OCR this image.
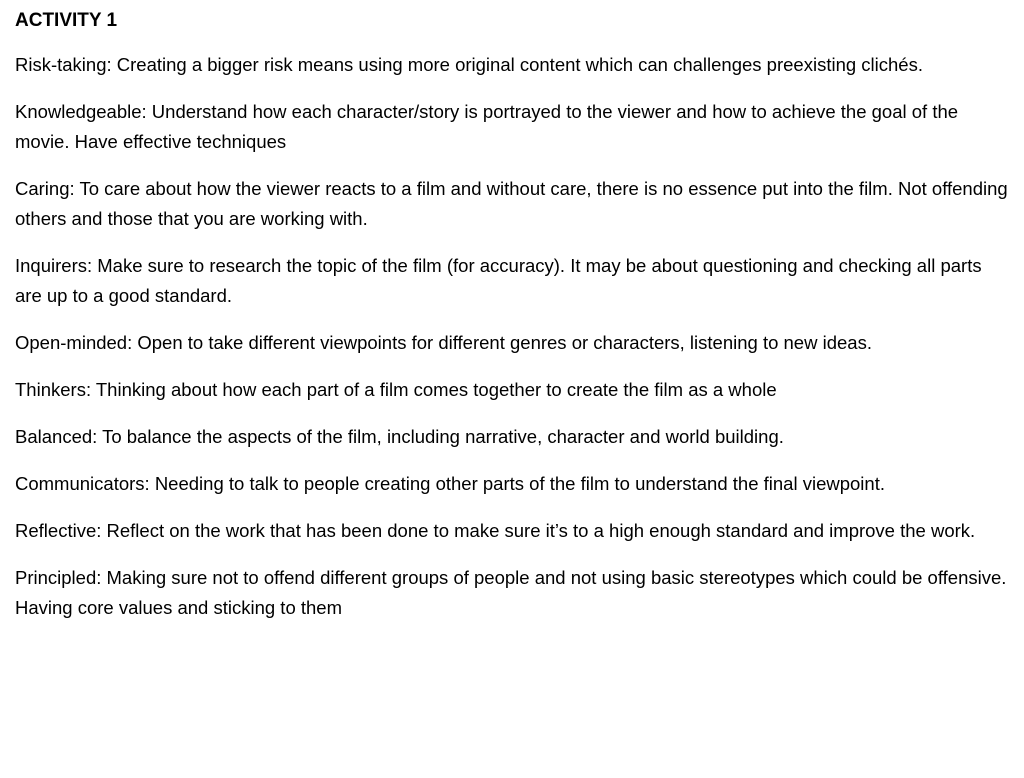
ACTIVITY 1
Risk-taking: Creating a bigger risk means using more original content which can challenges preexisting clichés.
Knowledgeable: Understand how each character/story is portrayed to the viewer and how to achieve the goal of the movie. Have effective techniques
Caring: To care about how the viewer reacts to a film and without care, there is no essence put into the film. Not offending others and those that you are working with.
Inquirers: Make sure to research the topic of the film (for accuracy). It may be about questioning and checking all parts are up to a good standard.
Open-minded: Open to take different viewpoints for different genres or characters, listening to new ideas.
Thinkers: Thinking about how each part of a film comes together to create the film as a whole
Balanced: To balance the aspects of the film, including narrative, character and world building.
Communicators: Needing to talk to people creating other parts of the film to understand the final viewpoint.
Reflective: Reflect on the work that has been done to make sure it’s to a high enough standard and improve the work.
Principled: Making sure not to offend different groups of people and not using basic stereotypes which could be offensive. Having core values and sticking to them
